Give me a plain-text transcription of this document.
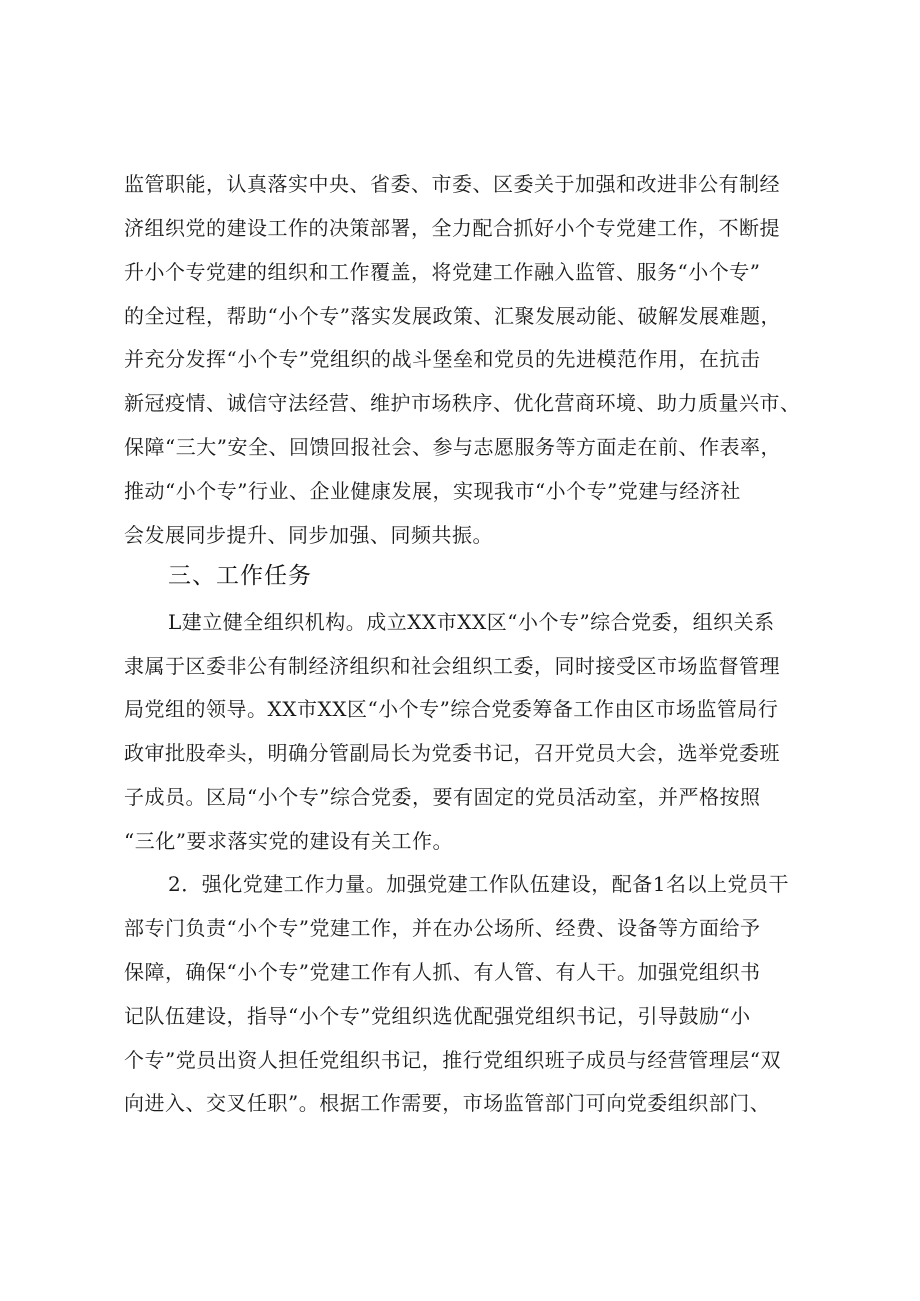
监管职能，认真落实中央、省委、市委、区委关于加强和改进非公有制经
济组织党的建设工作的决策部署，全力配合抓好小个专党建工作，不断提
升小个专党建的组织和工作覆盖，将党建工作融入监管、服务“小个专”
的全过程，帮助“小个专”落实发展政策、汇聚发展动能、破解发展难题，
并充分发挥“小个专”党组织的战斗堡垒和党员的先进模范作用，在抗击
新冠疫情、诚信守法经营、维护市场秩序、优化营商环境、助力质量兴市、
保障“三大”安全、回馈回报社会、参与志愿服务等方面走在前、作表率，
推动“小个专”行业、企业健康发展，实现我市“小个专”党建与经济社
会发展同步提升、同步加强、同频共振。
三、工作任务
L建立健全组织机构。成立XX市XX区“小个专”综合党委，组织关系
隶属于区委非公有制经济组织和社会组织工委，同时接受区市场监督管理
局党组的领导。XX市XX区“小个专”综合党委筹备工作由区市场监管局行
政审批股牵头，明确分管副局长为党委书记，召开党员大会，选举党委班
子成员。区局“小个专”综合党委，要有固定的党员活动室，并严格按照
“三化”要求落实党的建设有关工作。
2．强化党建工作力量。加强党建工作队伍建设，配备1名以上党员干
部专门负责“小个专”党建工作，并在办公场所、经费、设备等方面给予
保障，确保“小个专”党建工作有人抓、有人管、有人干。加强党组织书
记队伍建设，指导“小个专”党组织选优配强党组织书记，引导鼓励“小
个专”党员出资人担任党组织书记，推行党组织班子成员与经营管理层“双
向进入、交叉任职”。根据工作需要，市场监管部门可向党委组织部门、
